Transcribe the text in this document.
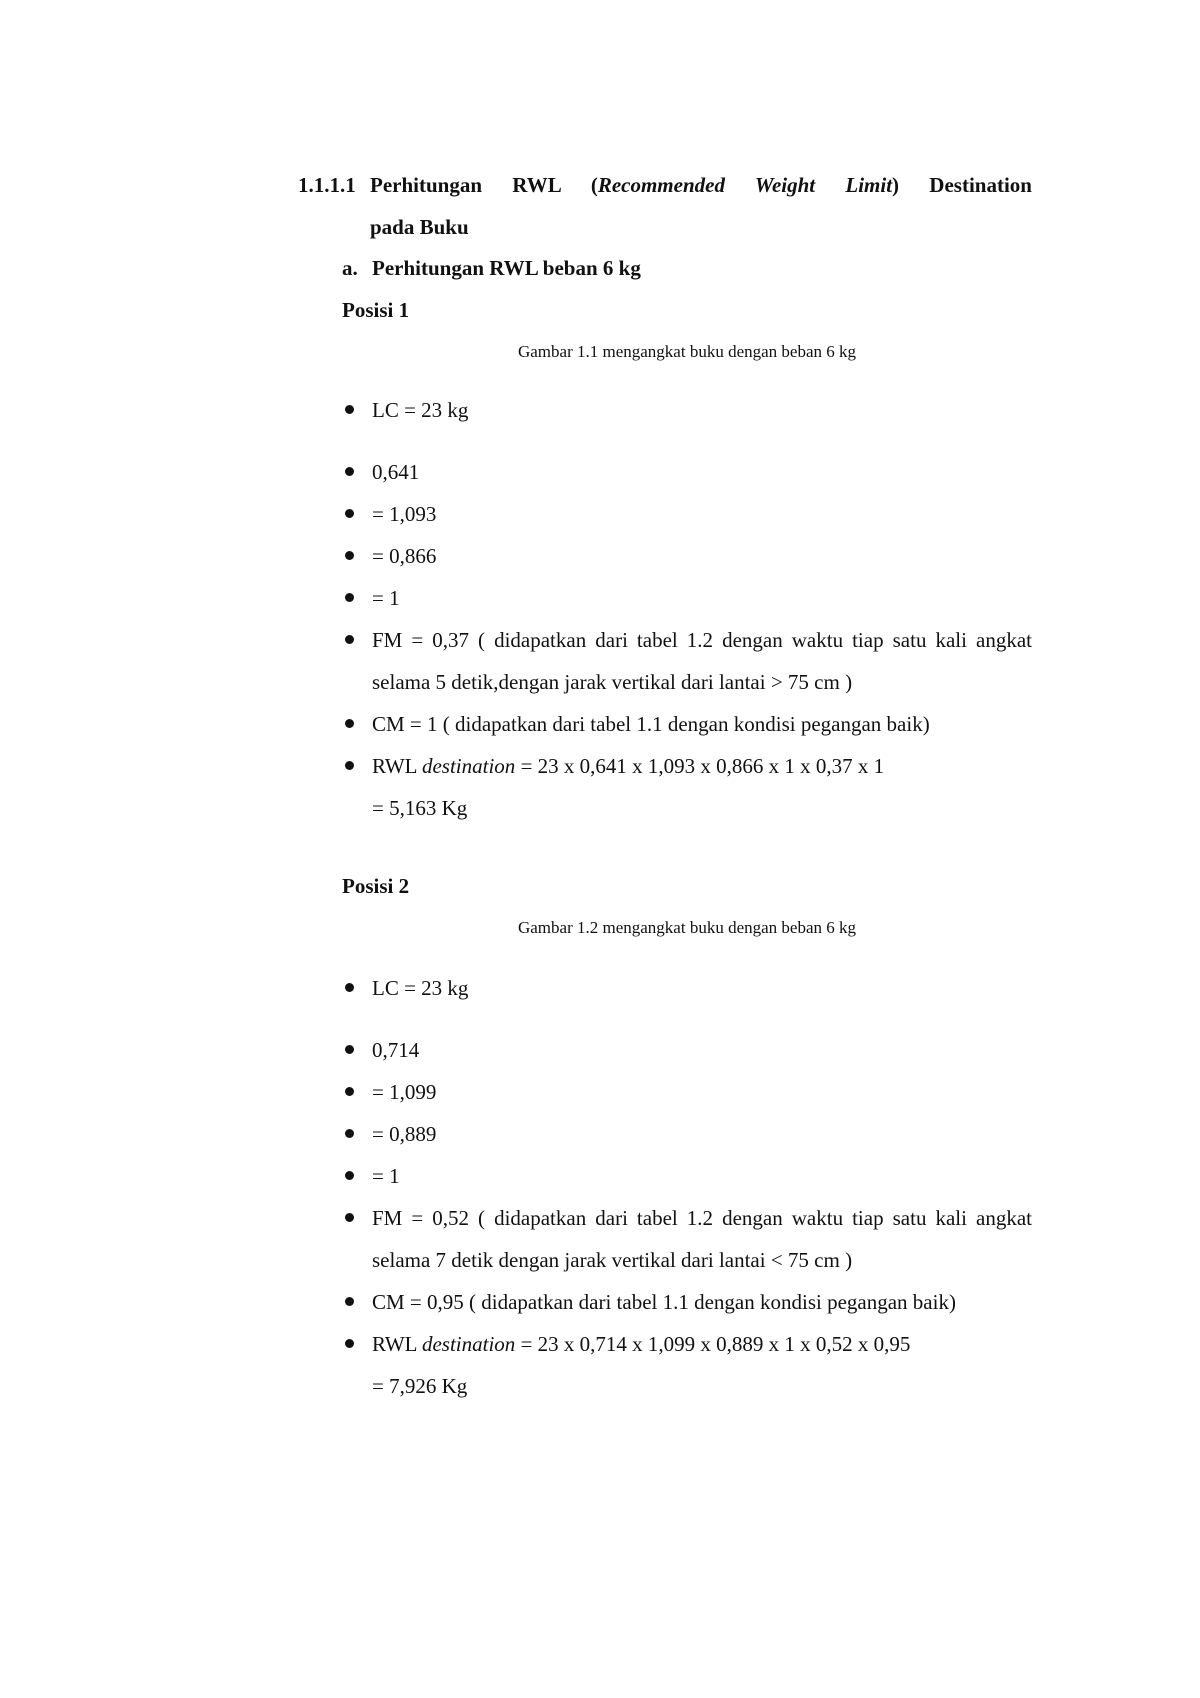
1.1.1.1 Perhitungan RWL (Recommended Weight Limit) Destination
pada Buku
a. Perhitungan RWL beban 6 kg
Posisi 1
Gambar 1.1 mengangkat buku dengan beban 6 kg
LC = 23 kg
0,641
= 1,093
= 0,866
= 1
FM = 0,37 ( didapatkan dari tabel 1.2 dengan waktu tiap satu kali angkat selama 5 detik,dengan jarak vertikal dari lantai > 75 cm )
CM = 1 ( didapatkan dari tabel 1.1 dengan kondisi pegangan baik)
RWL destination = 23 x 0,641 x 1,093 x 0,866 x 1 x 0,37 x 1
= 5,163 Kg
Posisi 2
Gambar 1.2 mengangkat buku dengan beban 6 kg
LC = 23 kg
0,714
= 1,099
= 0,889
= 1
FM = 0,52 ( didapatkan dari tabel 1.2 dengan waktu tiap satu kali angkat selama 7 detik dengan jarak vertikal dari lantai < 75 cm )
CM = 0,95 ( didapatkan dari tabel 1.1 dengan kondisi pegangan baik)
RWL destination = 23 x 0,714 x 1,099 x 0,889 x 1 x 0,52 x 0,95
= 7,926 Kg
